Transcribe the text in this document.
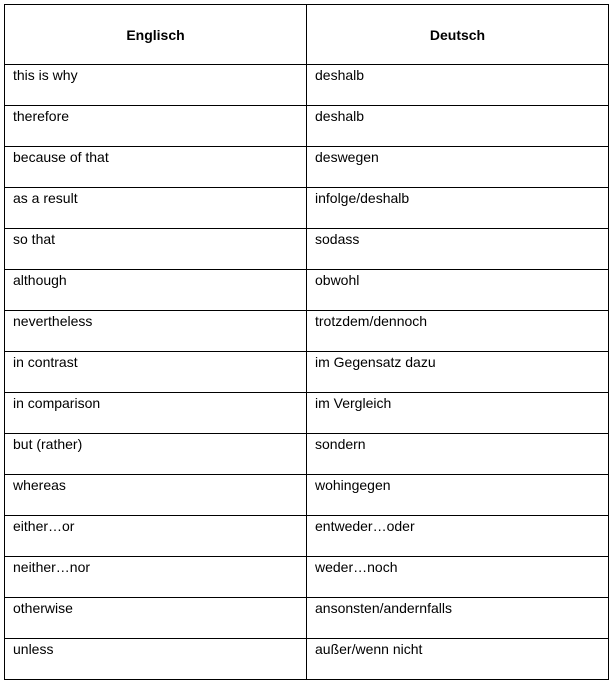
Englisch	Deutsch
this is why	deshalb
therefore	deshalb
because of that	deswegen
as a result	infolge/deshalb
so that	sodass
although	obwohl
nevertheless	trotzdem/dennoch
in contrast	im Gegensatz dazu
in comparison	im Vergleich
but (rather)	sondern
whereas	wohingegen
either…or	entweder…oder
neither…nor	weder…noch
otherwise	ansonsten/andernfalls
unless	außer/wenn nicht
